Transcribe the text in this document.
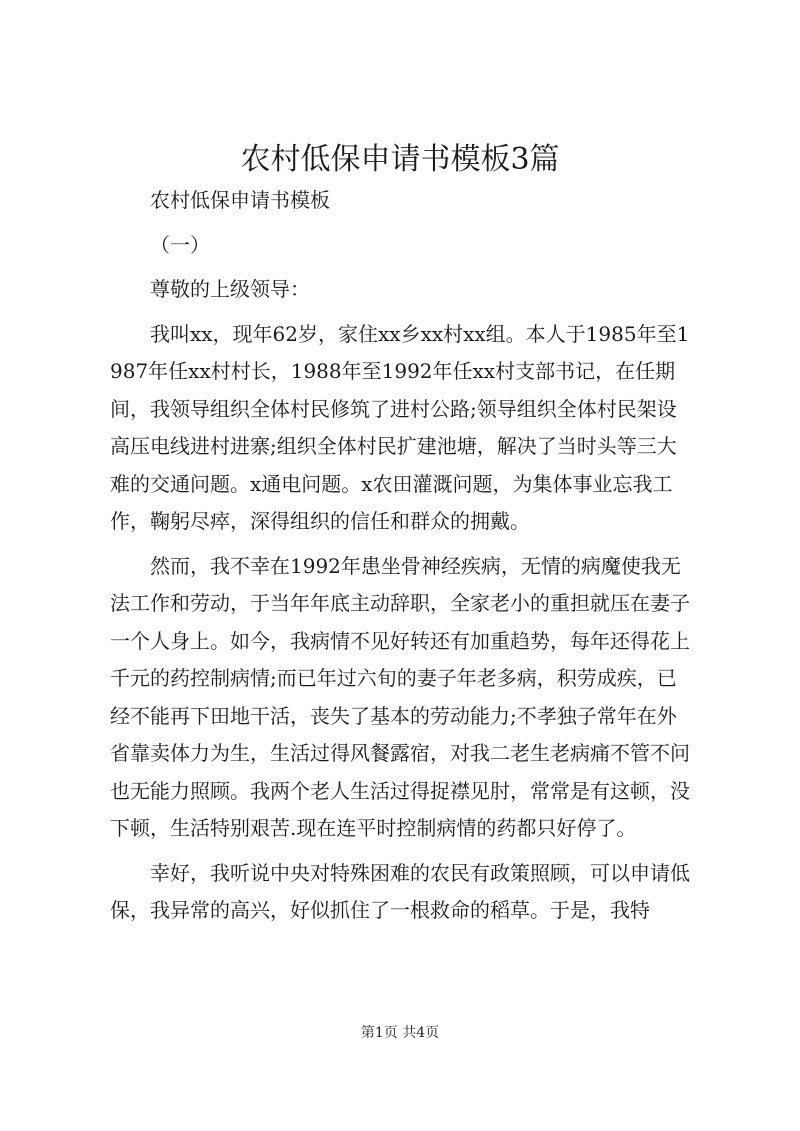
农村低保申请书模板3篇

农村低保申请书模板

（一）

尊敬的上级领导：

我叫xx，现年62岁，家住xx乡xx村xx组。本人于1985年至1987年任xx村村长，1988年至1992年任xx村支部书记，在任期间，我领导组织全体村民修筑了进村公路;领导组织全体村民架设高压电线进村进寨;组织全体村民扩建池塘，解决了当时头等三大难的交通问题。x通电问题。x农田灌溉问题，为集体事业忘我工作，鞠躬尽瘁，深得组织的信任和群众的拥戴。

然而，我不幸在1992年患坐骨神经疾病，无情的病魔使我无法工作和劳动，于当年年底主动辞职，全家老小的重担就压在妻子一个人身上。如今，我病情不见好转还有加重趋势，每年还得花上千元的药控制病情;而已年过六旬的妻子年老多病，积劳成疾，已经不能再下田地干活，丧失了基本的劳动能力;不孝独子常年在外省靠卖体力为生，生活过得风餐露宿，对我二老生老病痛不管不问也无能力照顾。我两个老人生活过得捉襟见肘，常常是有这顿，没下顿，生活特别艰苦.现在连平时控制病情的药都只好停了。

幸好，我听说中央对特殊困难的农民有政策照顾，可以申请低保，我异常的高兴，好似抓住了一根救命的稻草。于是，我特

第1页 共4页
